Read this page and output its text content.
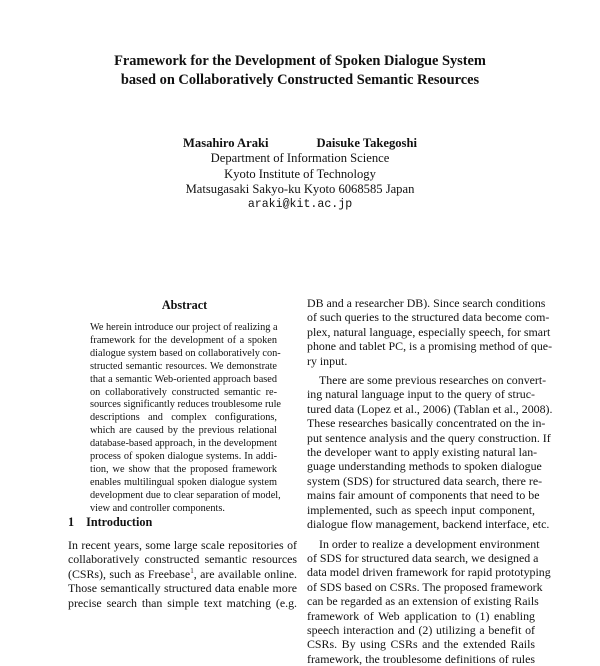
Framework for the Development of Spoken Dialogue System
based on Collaboratively Constructed Semantic Resources
Masahiro Araki	Daisuke Takegoshi
Department of Information Science
Kyoto Institute of Technology
Matsugasaki Sakyo-ku Kyoto 6068585 Japan
araki@kit.ac.jp
Abstract
We herein introduce our project of realizing a
framework for the development of a spoken
dialogue system based on collaboratively con-
structed semantic resources. We demonstrate
that a semantic Web-oriented approach based
on collaboratively constructed semantic re-
sources significantly reduces troublesome rule
descriptions and complex configurations,
which are caused by the previous relational
database-based approach, in the development
process of spoken dialogue systems. In addi-
tion, we show that the proposed framework
enables multilingual spoken dialogue system
development due to clear separation of model,
view and controller components.
1 Introduction
In recent years, some large scale repositories of
collaboratively constructed semantic resources
(CSRs), such as Freebase$^1$, are available online.
Those semantically structured data enable more
precise search than simple text matching (e.g.
DB and a researcher DB). Since search conditions
of such queries to the structured data become com-
plex, natural language, especially speech, for smart
phone and tablet PC, is a promising method of que-
ry input.
There are some previous researches on convert-
ing natural language input to the query of struc-
tured data (Lopez et al., 2006) (Tablan et al., 2008).
These researches basically concentrated on the in-
put sentence analysis and the query construction. If
the developer want to apply existing natural lan-
guage understanding methods to spoken dialogue
system (SDS) for structured data search, there re-
mains fair amount of components that need to be
implemented, such as speech input component,
dialogue flow management, backend interface, etc.
In order to realize a development environment
of SDS for structured data search, we designed a
data model driven framework for rapid prototyping
of SDS based on CSRs. The proposed framework
can be regarded as an extension of existing Rails
framework of Web application to (1) enabling
speech interaction and (2) utilizing a benefit of
CSRs. By using CSRs and the extended Rails
framework, the troublesome definitions of rules
